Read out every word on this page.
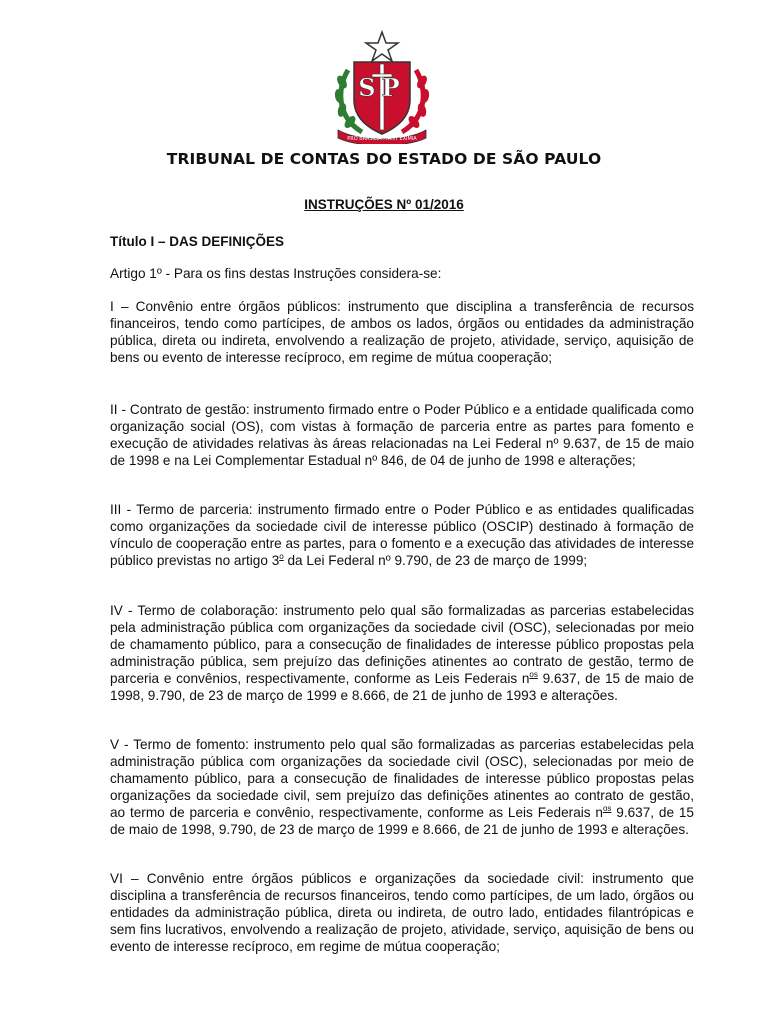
SP
PRO BRASILIA FIANT EXIMIA
TRIBUNAL DE CONTAS DO ESTADO DE SÃO PAULO
INSTRUÇÕES Nº 01/2016
Título I – DAS DEFINIÇÕES

Artigo 1º - Para os fins destas Instruções considera-se:

I – Convênio entre órgãos públicos: instrumento que disciplina a transferência de recursos financeiros, tendo como partícipes, de ambos os lados, órgãos ou entidades da administração pública, direta ou indireta, envolvendo a realização de projeto, atividade, serviço, aquisição de bens ou evento de interesse recíproco, em regime de mútua cooperação;

II - Contrato de gestão: instrumento firmado entre o Poder Público e a entidade qualificada como organização social (OS), com vistas à formação de parceria entre as partes para fomento e execução de atividades relativas às áreas relacionadas na Lei Federal nº 9.637, de 15 de maio de 1998 e na Lei Complementar Estadual nº 846, de 04 de junho de 1998 e alterações;

III - Termo de parceria: instrumento firmado entre o Poder Público e as entidades qualificadas como organizações da sociedade civil de interesse público (OSCIP) destinado à formação de vínculo de cooperação entre as partes, para o fomento e a execução das atividades de interesse público previstas no artigo 3$^o$ da Lei Federal nº 9.790, de 23 de março de 1999;

IV - Termo de colaboração: instrumento pelo qual são formalizadas as parcerias estabelecidas pela administração pública com organizações da sociedade civil (OSC), selecionadas por meio de chamamento público, para a consecução de finalidades de interesse público propostas pela administração pública, sem prejuízo das definições atinentes ao contrato de gestão, termo de parceria e convênios, respectivamente, conforme as Leis Federais $n^{os}$ 9.637, de 15 de maio de 1998, 9.790, de 23 de março de 1999 e 8.666, de 21 de junho de 1993 e alterações.

V - Termo de fomento: instrumento pelo qual são formalizadas as parcerias estabelecidas pela administração pública com organizações da sociedade civil (OSC), selecionadas por meio de chamamento público, para a consecução de finalidades de interesse público propostas pelas organizações da sociedade civil, sem prejuízo das definições atinentes ao contrato de gestão, ao termo de parceria e convênio, respectivamente, conforme as Leis Federais $n^{os}$ 9.637, de 15 de maio de 1998, 9.790, de 23 de março de 1999 e 8.666, de 21 de junho de 1993 e alterações.

VI – Convênio entre órgãos públicos e organizações da sociedade civil: instrumento que disciplina a transferência de recursos financeiros, tendo como partícipes, de um lado, órgãos ou entidades da administração pública, direta ou indireta, de outro lado, entidades filantrópicas e sem fins lucrativos, envolvendo a realização de projeto, atividade, serviço, aquisição de bens ou evento de interesse recíproco, em regime de mútua cooperação;
